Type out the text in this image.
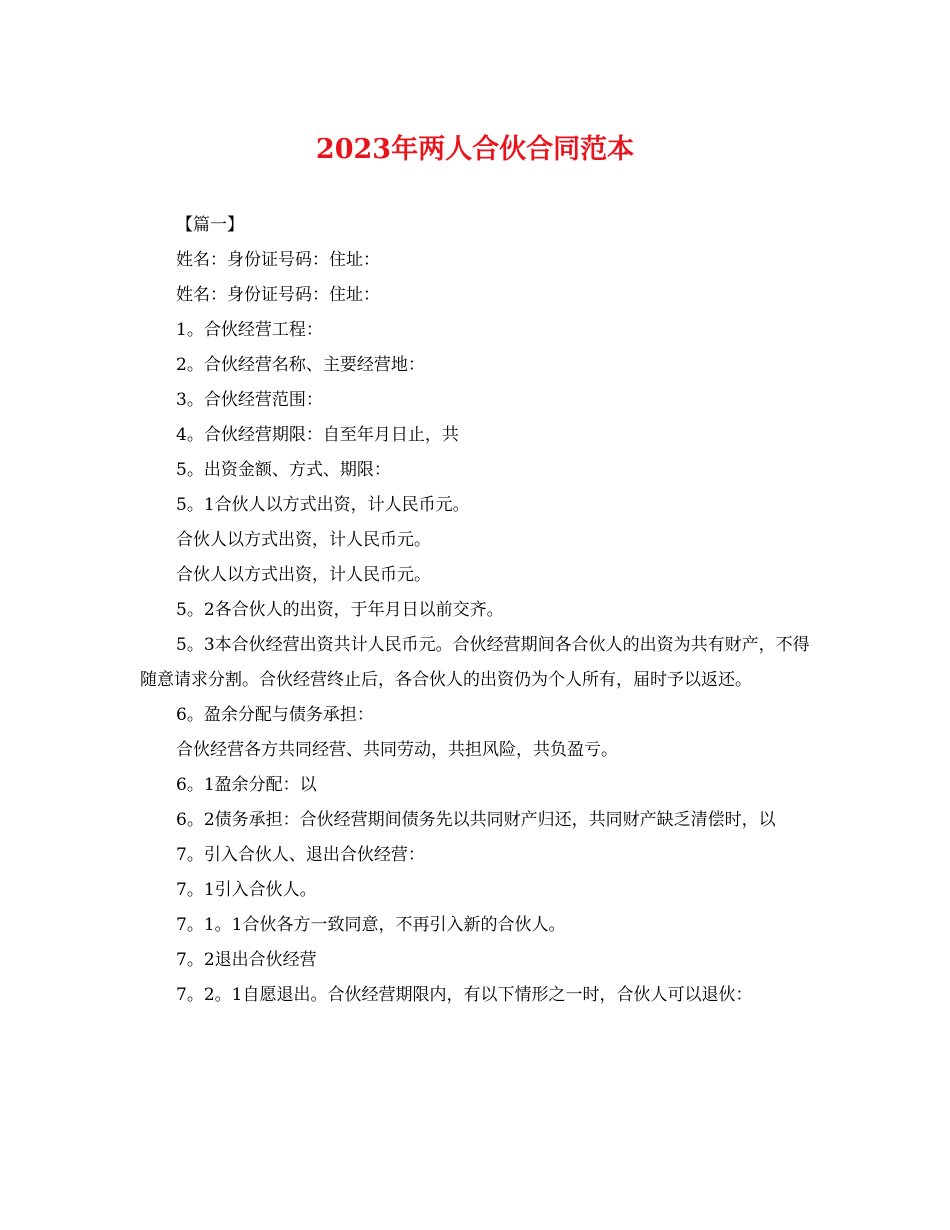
2023年两人合伙合同范本

【篇一】

姓名：身份证号码：住址：

姓名：身份证号码：住址：

1。合伙经营工程：

2。合伙经营名称、主要经营地：

3。合伙经营范围：

4。合伙经营期限：自至年月日止，共

5。出资金额、方式、期限：

5。1合伙人以方式出资，计人民币元。

合伙人以方式出资，计人民币元。

合伙人以方式出资，计人民币元。

5。2各合伙人的出资，于年月日以前交齐。

5。3本合伙经营出资共计人民币元。合伙经营期间各合伙人的出资为共有财产，不得随意请求分割。合伙经营终止后，各合伙人的出资仍为个人所有，届时予以返还。

6。盈余分配与债务承担：

合伙经营各方共同经营、共同劳动，共担风险，共负盈亏。

6。1盈余分配：以

6。2债务承担：合伙经营期间债务先以共同财产归还，共同财产缺乏清偿时，以

7。引入合伙人、退出合伙经营：

7。1引入合伙人。

7。1。1合伙各方一致同意，不再引入新的合伙人。

7。2退出合伙经营

7。2。1自愿退出。合伙经营期限内，有以下情形之一时，合伙人可以退伙：
